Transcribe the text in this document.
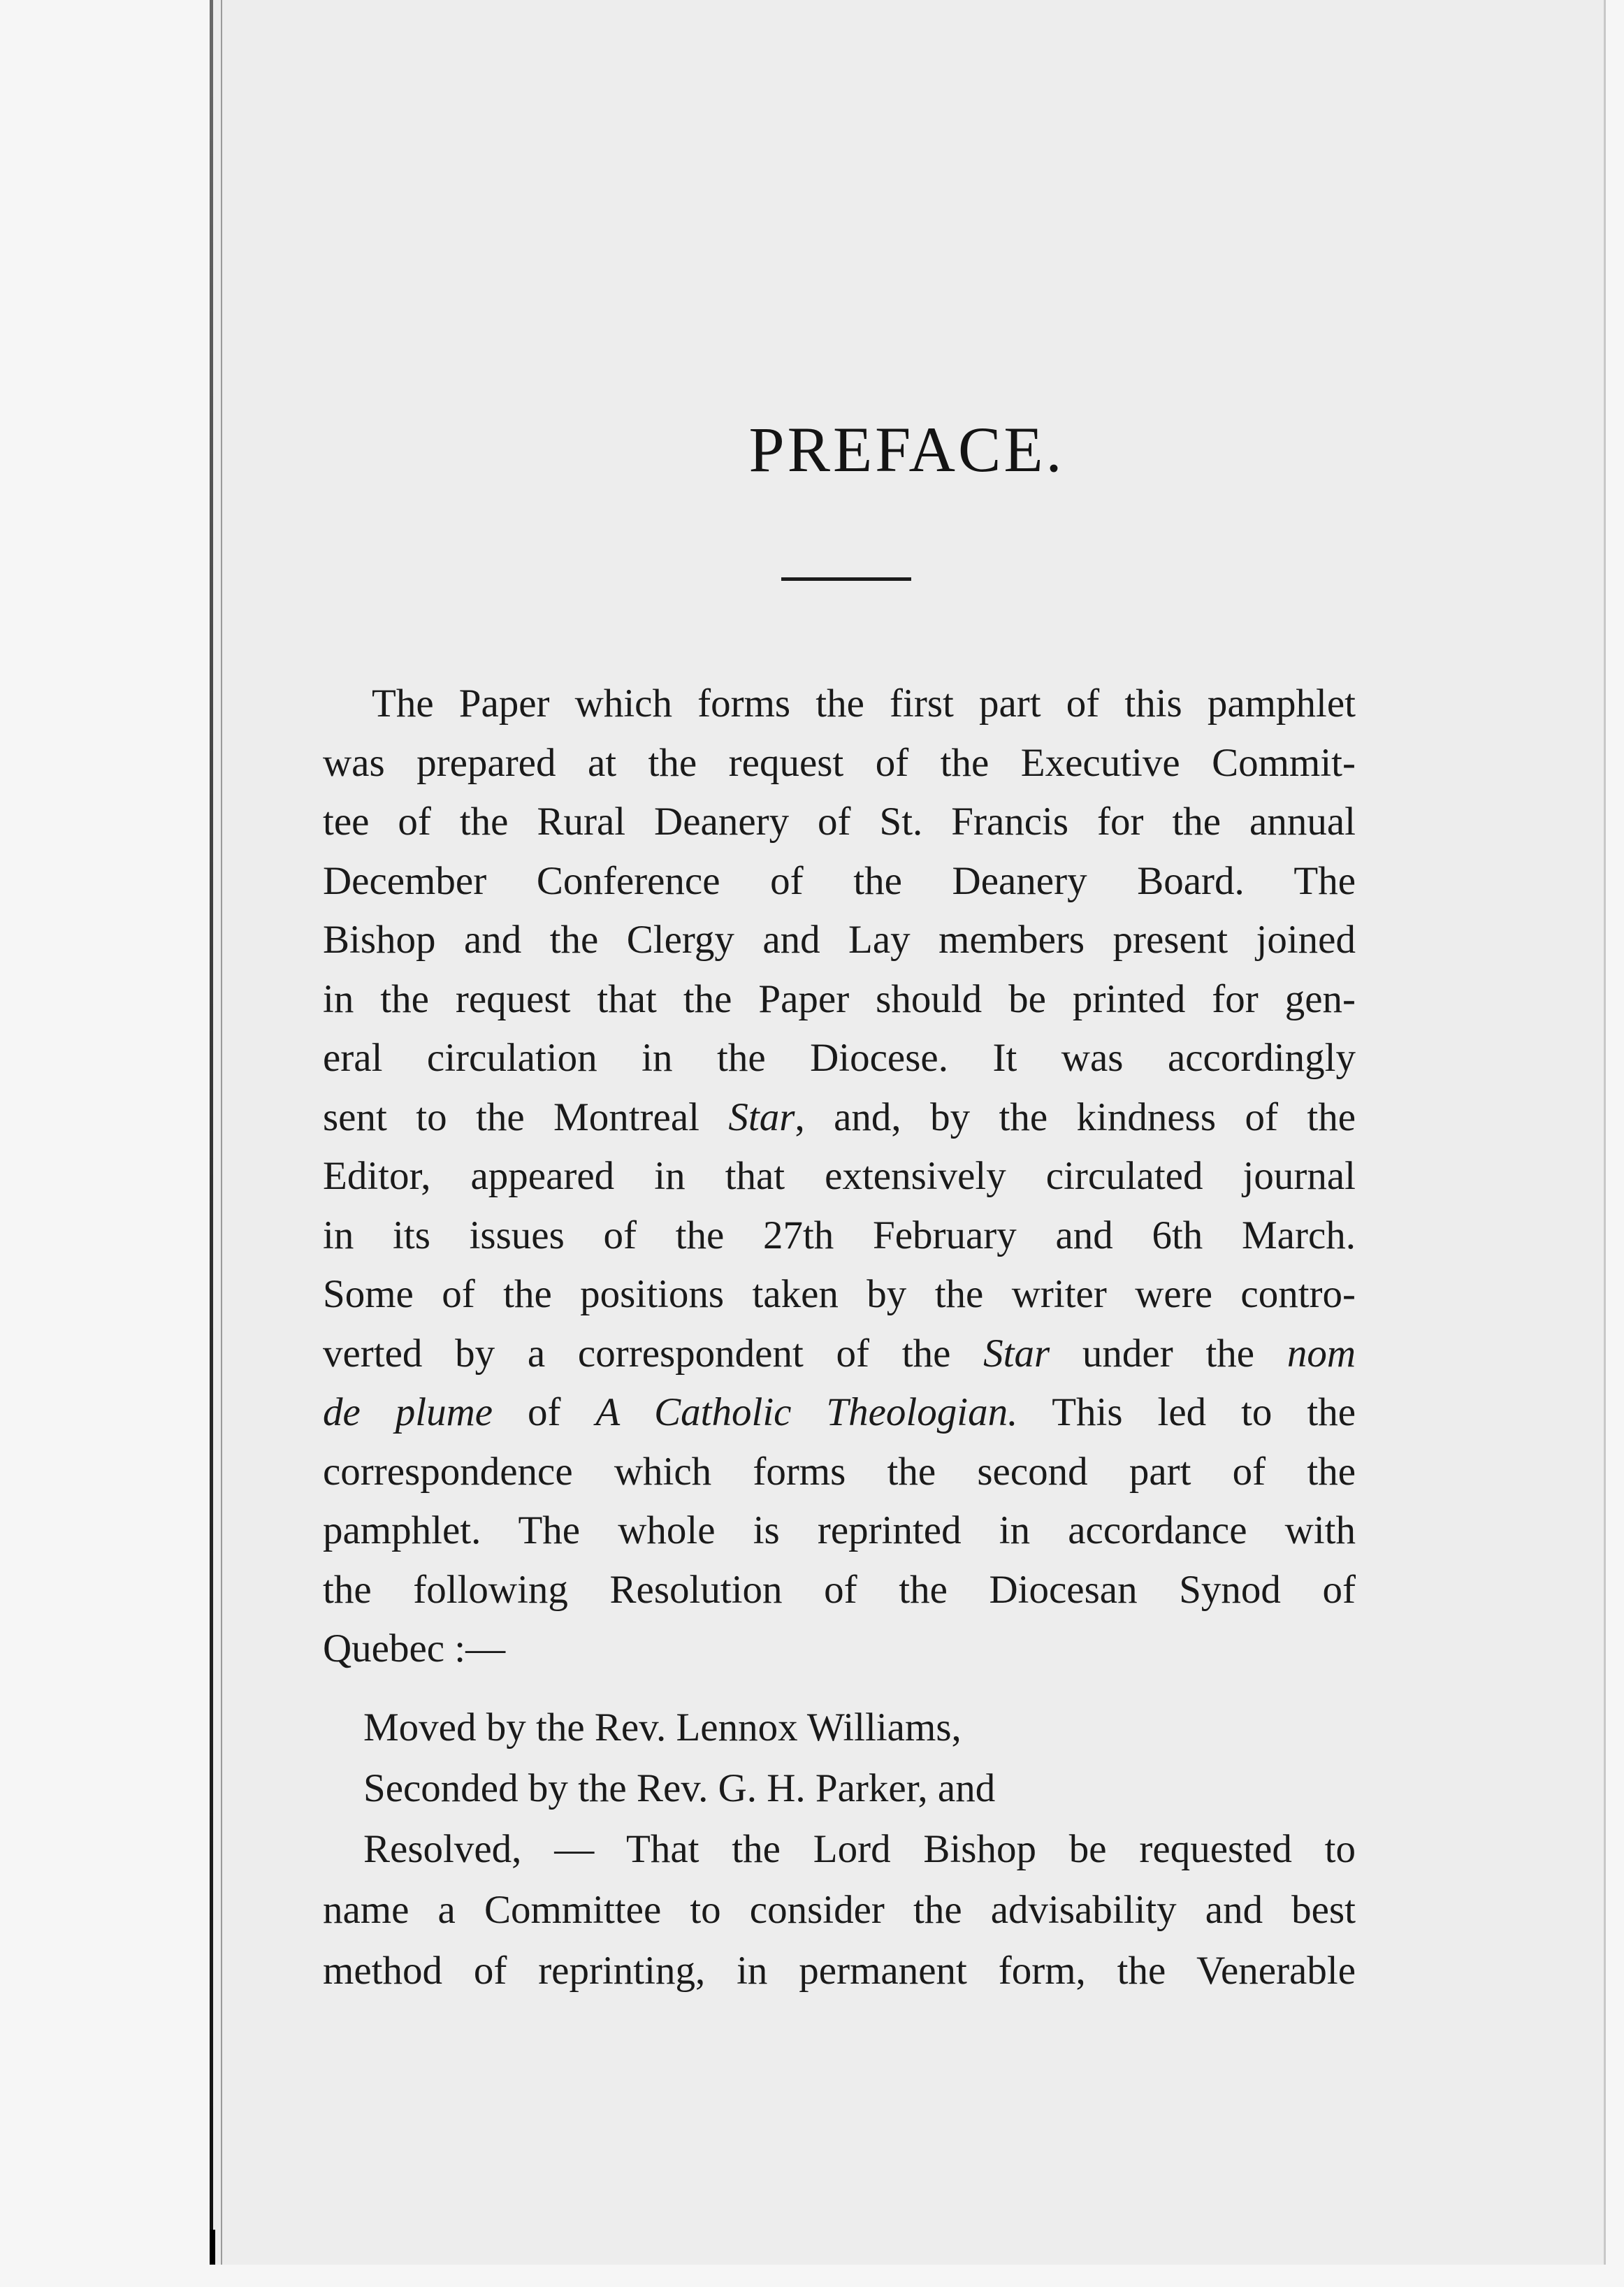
PREFACE.
The Paper which forms the first part of this pamphlet
was prepared at the request of the Executive Commit-
tee of the Rural Deanery of St. Francis for the annual
December Conference of the Deanery Board. The
Bishop and the Clergy and Lay members present joined
in the request that the Paper should be printed for gen-
eral circulation in the Diocese. It was accordingly
sent to the Montreal Star, and, by the kindness of the
Editor, appeared in that extensively circulated journal
in its issues of the 27th February and 6th March.
Some of the positions taken by the writer were contro-
verted by a correspondent of the Star under the nom
de plume of A Catholic Theologian. This led to the
correspondence which forms the second part of the
pamphlet. The whole is reprinted in accordance with
the following Resolution of the Diocesan Synod of
Quebec :—
Moved by the Rev. Lennox Williams,
Seconded by the Rev. G. H. Parker, and
Resolved, — That the Lord Bishop be requested to
name a Committee to consider the advisability and best
method of reprinting, in permanent form, the Venerable
